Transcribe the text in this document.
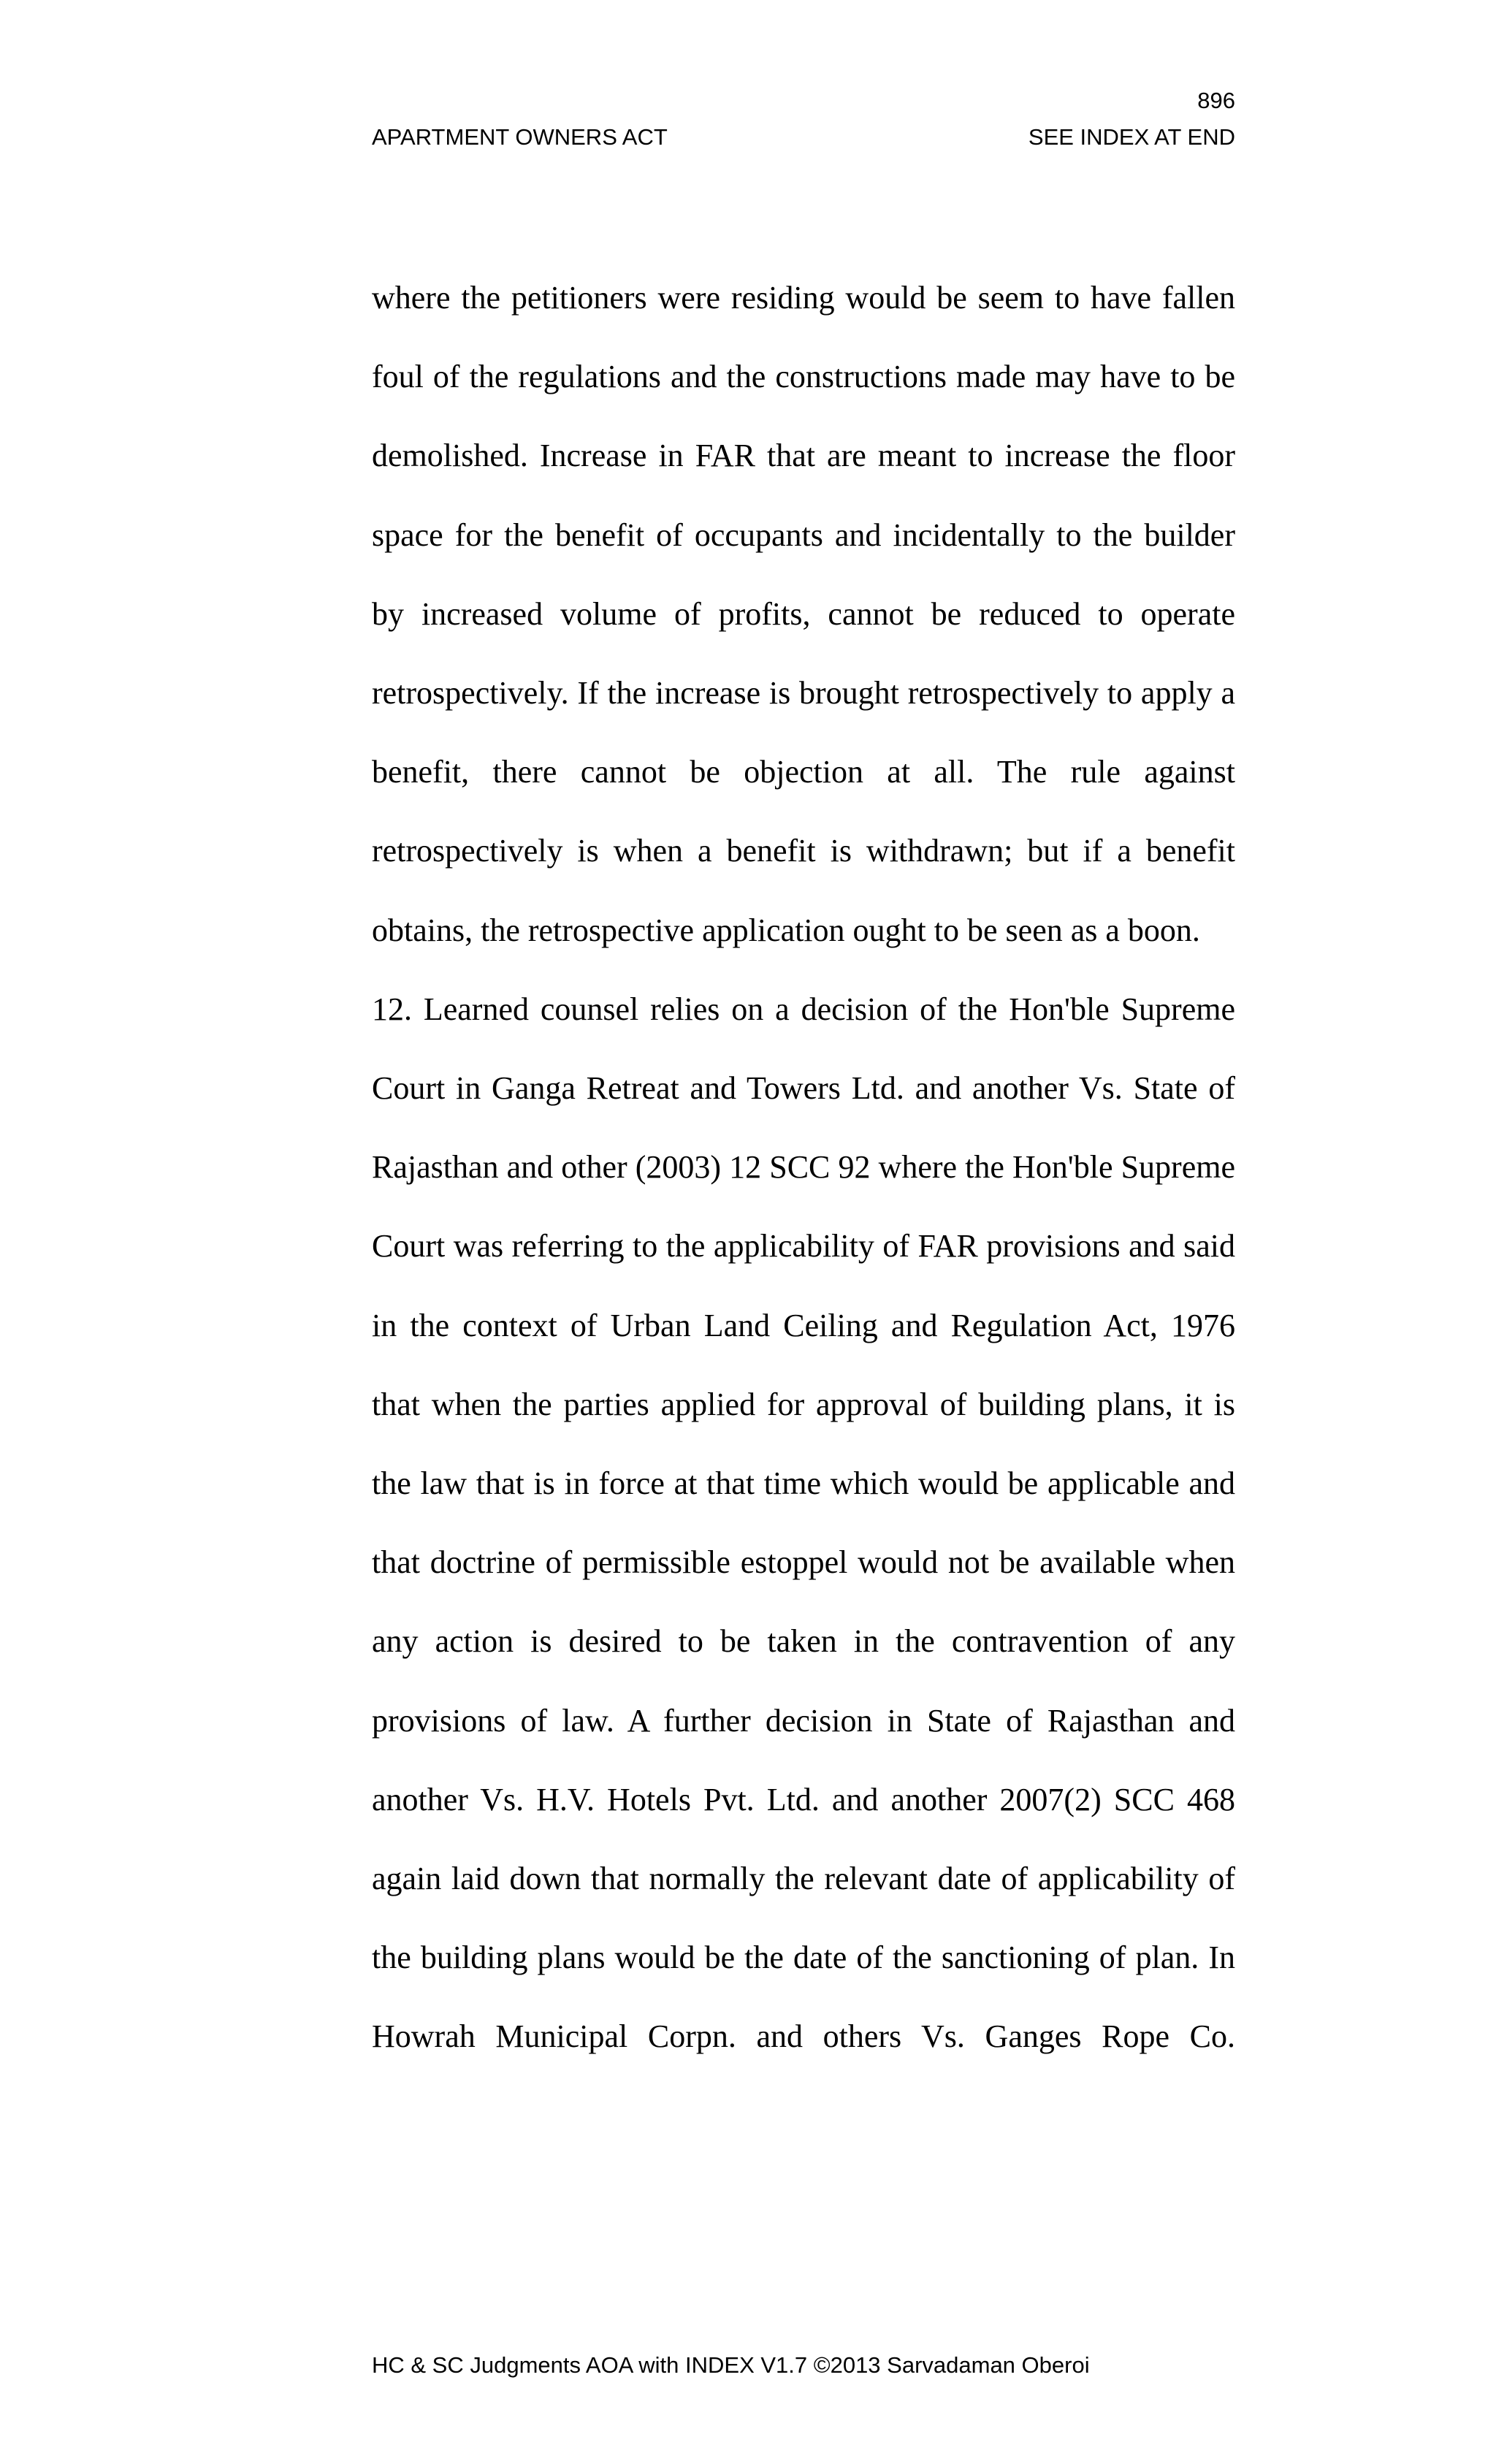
896
APARTMENT OWNERS ACT	SEE INDEX AT END

where the petitioners were residing would be seem to have fallen foul of the regulations and the constructions made may have to be demolished. Increase in FAR that are meant to increase the floor space for the benefit of occupants and incidentally to the builder by increased volume of profits, cannot be reduced to operate retrospectively. If the increase is brought retrospectively to apply a benefit, there cannot be objection at all. The rule against retrospectively is when a benefit is withdrawn; but if a benefit obtains, the retrospective application ought to be seen as a boon.

12. Learned counsel relies on a decision of the Hon'ble Supreme Court in Ganga Retreat and Towers Ltd. and another Vs. State of Rajasthan and other (2003) 12 SCC 92 where the Hon'ble Supreme Court was referring to the applicability of FAR provisions and said in the context of Urban Land Ceiling and Regulation Act, 1976 that when the parties applied for approval of building plans, it is the law that is in force at that time which would be applicable and that doctrine of permissible estoppel would not be available when any action is desired to be taken in the contravention of any provisions of law. A further decision in State of Rajasthan and another Vs. H.V. Hotels Pvt. Ltd. and another 2007(2) SCC 468 again laid down that normally the relevant date of applicability of the building plans would be the date of the sanctioning of plan. In Howrah Municipal Corpn. and others Vs. Ganges Rope Co.

HC & SC Judgments AOA with INDEX V1.7 ©2013 Sarvadaman Oberoi
